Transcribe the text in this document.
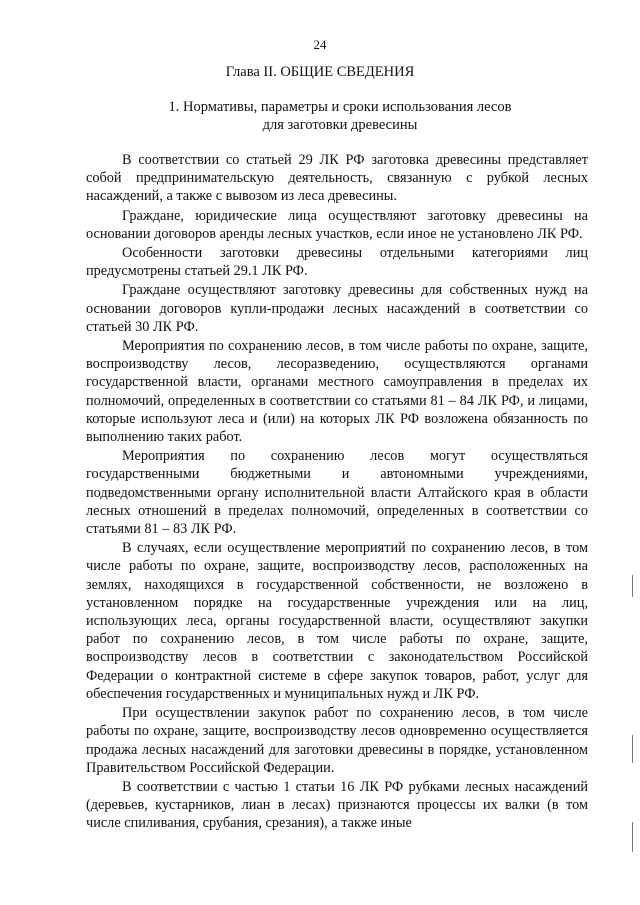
24
Глава II. ОБЩИЕ СВЕДЕНИЯ
1. Нормативы, параметры и сроки использования лесов
для заготовки древесины

В соответствии со статьей 29 ЛК РФ заготовка древесины представляет собой предпринимательскую деятельность, связанную с рубкой лесных насаждений, а также с вывозом из леса древесины.

Граждане, юридические лица осуществляют заготовку древесины на основании договоров аренды лесных участков, если иное не установлено ЛК РФ.

Особенности заготовки древесины отдельными категориями лиц предусмотрены статьей 29.1 ЛК РФ.

Граждане осуществляют заготовку древесины для собственных нужд на основании договоров купли-продажи лесных насаждений в соответствии со статьей 30 ЛК РФ.

Мероприятия по сохранению лесов, в том числе работы по охране, защите, воспроизводству лесов, лесоразведению, осуществляются органами государственной власти, органами местного самоуправления в пределах их полномочий, определенных в соответствии со статьями 81 – 84 ЛК РФ, и лицами, которые используют леса и (или) на которых ЛК РФ возложена обязанность по выполнению таких работ.

Мероприятия по сохранению лесов могут осуществляться государственными бюджетными и автономными учреждениями, подведомственными органу исполнительной власти Алтайского края в области лесных отношений в пределах полномочий, определенных в соответствии со статьями 81 – 83 ЛК РФ.

В случаях, если осуществление мероприятий по сохранению лесов, в том числе работы по охране, защите, воспроизводству лесов, расположенных на землях, находящихся в государственной собственности, не возложено в установленном порядке на государственные учреждения или на лиц, использующих леса, органы государственной власти, осуществляют закупки работ по сохранению лесов, в том числе работы по охране, защите, воспроизводству лесов в соответствии с законодательством Российской Федерации о контрактной системе в сфере закупок товаров, работ, услуг для обеспечения государственных и муниципальных нужд и ЛК РФ.

При осуществлении закупок работ по сохранению лесов, в том числе работы по охране, защите, воспроизводству лесов одновременно осуществляется продажа лесных насаждений для заготовки древесины в порядке, установленном Правительством Российской Федерации.

В соответствии с частью 1 статьи 16 ЛК РФ рубками лесных насаждений (деревьев, кустарников, лиан в лесах) признаются процессы их валки (в том числе спиливания, срубания, срезания), а также иные
